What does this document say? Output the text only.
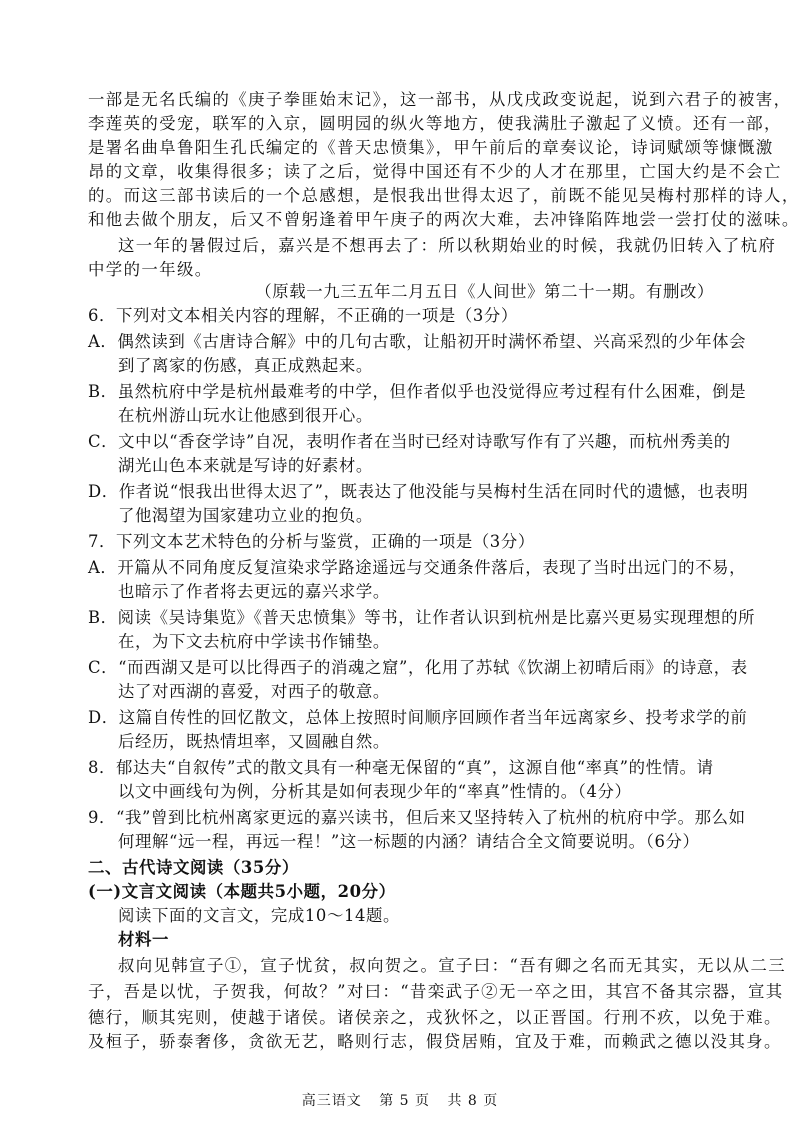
一部是无名氏编的《庚子拳匪始末记》，这一部书，从戊戌政变说起，说到六君子的被害，
李莲英的受宠，联军的入京，圆明园的纵火等地方，使我满肚子激起了义愤。还有一部，
是署名曲阜鲁阳生孔氏编定的《普天忠愤集》，甲午前后的章奏议论，诗词赋颂等慷慨激
昂的文章，收集得很多；读了之后，觉得中国还有不少的人才在那里，亡国大约是不会亡
的。而这三部书读后的一个总感想，是恨我出世得太迟了，前既不能见吴梅村那样的诗人，
和他去做个朋友，后又不曾躬逢着甲午庚子的两次大难，去冲锋陷阵地尝一尝打仗的滋味。
这一年的暑假过后，嘉兴是不想再去了：所以秋期始业的时候，我就仍旧转入了杭府
中学的一年级。
（原载一九三五年二月五日《人间世》第二十一期。有删改）
6．下列对文本相关内容的理解，不正确的一项是（3分）
A．偶然读到《古唐诗合解》中的几句古歌，让船初开时满怀希望、兴高采烈的少年体会
到了离家的伤感，真正成熟起来。
B．虽然杭府中学是杭州最难考的中学，但作者似乎也没觉得应考过程有什么困难，倒是
在杭州游山玩水让他感到很开心。
C．文中以“香奁学诗”自况，表明作者在当时已经对诗歌写作有了兴趣，而杭州秀美的
湖光山色本来就是写诗的好素材。
D．作者说“恨我出世得太迟了”，既表达了他没能与吴梅村生活在同时代的遗憾，也表明
了他渴望为国家建功立业的抱负。
7．下列文本艺术特色的分析与鉴赏，正确的一项是（3分）
A．开篇从不同角度反复渲染求学路途遥远与交通条件落后，表现了当时出远门的不易，
也暗示了作者将去更远的嘉兴求学。
B．阅读《吴诗集览》《普天忠愤集》等书，让作者认识到杭州是比嘉兴更易实现理想的所
在，为下文去杭府中学读书作铺垫。
C．“而西湖又是可以比得西子的消魂之窟”，化用了苏轼《饮湖上初晴后雨》的诗意，表
达了对西湖的喜爱，对西子的敬意。
D．这篇自传性的回忆散文，总体上按照时间顺序回顾作者当年远离家乡、投考求学的前
后经历，既热情坦率，又圆融自然。
8．郁达夫“自叙传”式的散文具有一种毫无保留的“真”，这源自他“率真”的性情。请
以文中画线句为例，分析其是如何表现少年的“率真”性情的。（4分）
9．“我”曾到比杭州离家更远的嘉兴读书，但后来又坚持转入了杭州的杭府中学。那么如
何理解“远一程，再远一程！”这一标题的内涵？请结合全文简要说明。（6分）
二、古代诗文阅读（35分）
(一)文言文阅读（本题共5小题，20分）
阅读下面的文言文，完成10～14题。
材料一
叔向见韩宣子①，宣子忧贫，叔向贺之。宣子曰：“吾有卿之名而无其实，无以从二三
子，吾是以忧，子贺我，何故？”对曰：“昔栾武子②无一卒之田，其宫不备其宗器，宣其
德行，顺其宪则，使越于诸侯。诸侯亲之，戎狄怀之，以正晋国。行刑不疚，以免于难。
及桓子，骄泰奢侈，贪欲无艺，略则行志，假贷居贿，宜及于难，而赖武之德以没其身。
高三语文 第 5 页 共 8 页
